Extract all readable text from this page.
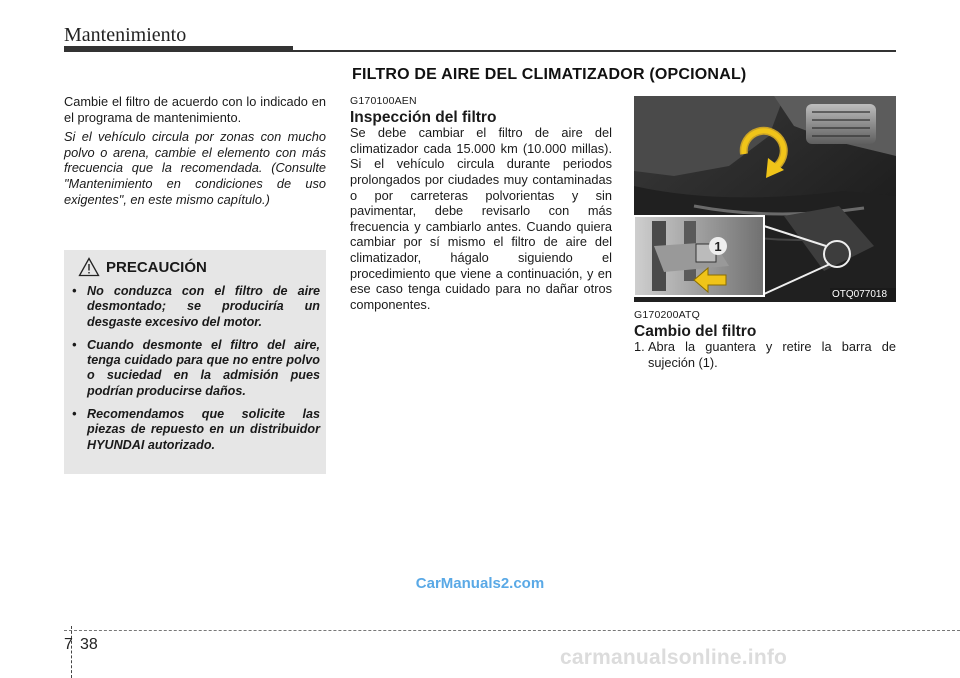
Mantenimiento
FILTRO DE AIRE DEL CLIMATIZADOR (OPCIONAL)

Cambie el filtro de acuerdo con lo indicado en el programa de mantenimiento.

Si el vehículo circula por zonas con mucho polvo o arena, cambie el elemento con más frecuencia que la recomendada. (Consulte "Mantenimiento en condiciones de uso exigentes", en este mismo capítulo.)

PRECAUCIÓN
• No conduzca con el filtro de aire desmontado; se produciría un desgaste excesivo del motor.
• Cuando desmonte el filtro del aire, tenga cuidado para que no entre polvo o suciedad en la admisión pues podrían producirse daños.
• Recomendamos que solicite las piezas de repuesto en un distribuidor HYUNDAI autorizado.

G170100AEN

Inspección del filtro

Se debe cambiar el filtro de aire del climatizador cada 15.000 km (10.000 millas). Si el vehículo circula durante periodos prolongados por ciudades muy contaminadas o por carreteras polvorientas y sin pavimentar, debe revisarlo con más frecuencia y cambiarlo antes. Cuando quiera cambiar por sí mismo el filtro de aire del climatizador, hágalo siguiendo el procedimiento que viene a continuación, y en ese caso tenga cuidado para no dañar otros componentes.

1
OTQ077018

G170200ATQ

Cambio del filtro

1. Abra la guantera y retire la barra de sujeción (1).
CarManuals2.com
7 38
carmanualsonline.info
